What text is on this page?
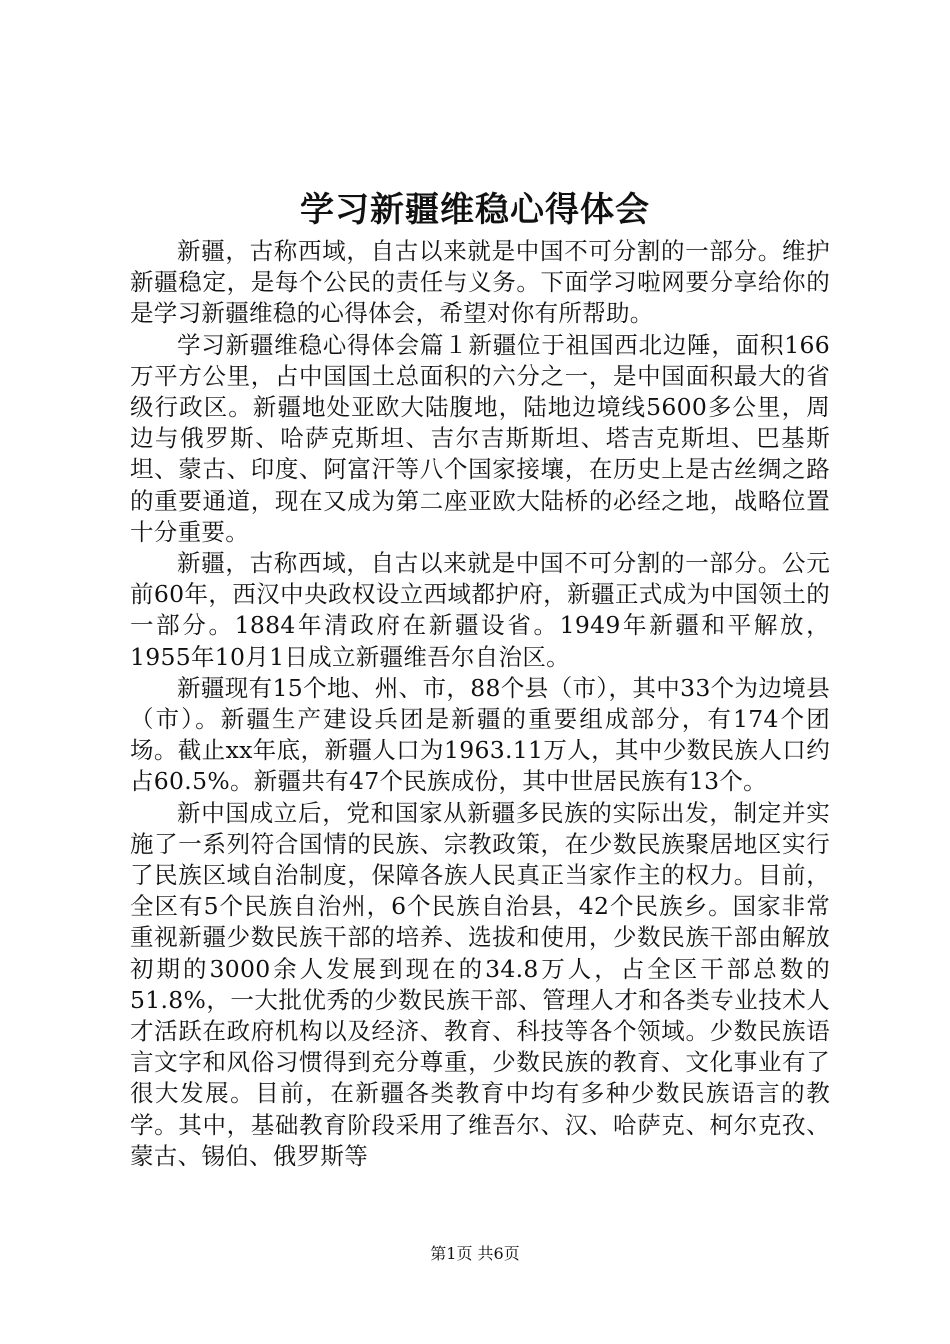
学习新疆维稳心得体会

新疆，古称西域，自古以来就是中国不可分割的一部分。维护新疆稳定，是每个公民的责任与义务。下面学习啦网要分享给你的是学习新疆维稳的心得体会，希望对你有所帮助。

学习新疆维稳心得体会篇１新疆位于祖国西北边陲，面积166万平方公里，占中国国土总面积的六分之一，是中国面积最大的省级行政区。新疆地处亚欧大陆腹地，陆地边境线5600多公里，周边与俄罗斯、哈萨克斯坦、吉尔吉斯斯坦、塔吉克斯坦、巴基斯坦、蒙古、印度、阿富汗等八个国家接壤，在历史上是古丝绸之路的重要通道，现在又成为第二座亚欧大陆桥的必经之地，战略位置十分重要。

新疆，古称西域，自古以来就是中国不可分割的一部分。公元前60年，西汉中央政权设立西域都护府，新疆正式成为中国领土的一部分。1884年清政府在新疆设省。1949年新疆和平解放，1955年10月1日成立新疆维吾尔自治区。

新疆现有15个地、州、市，88个县（市），其中33个为边境县（市）。新疆生产建设兵团是新疆的重要组成部分，有174个团场。截止xx年底，新疆人口为1963.11万人，其中少数民族人口约占60.5%。新疆共有47个民族成份，其中世居民族有13个。

新中国成立后，党和国家从新疆多民族的实际出发，制定并实施了一系列符合国情的民族、宗教政策，在少数民族聚居地区实行了民族区域自治制度，保障各族人民真正当家作主的权力。目前，全区有5个民族自治州，6个民族自治县，42个民族乡。国家非常重视新疆少数民族干部的培养、选拔和使用，少数民族干部由解放初期的3000余人发展到现在的34.8万人，占全区干部总数的51.8%，一大批优秀的少数民族干部、管理人才和各类专业技术人才活跃在政府机构以及经济、教育、科技等各个领域。少数民族语言文字和风俗习惯得到充分尊重，少数民族的教育、文化事业有了很大发展。目前，在新疆各类教育中均有多种少数民族语言的教学。其中，基础教育阶段采用了维吾尔、汉、哈萨克、柯尔克孜、蒙古、锡伯、俄罗斯等

第1页 共6页
